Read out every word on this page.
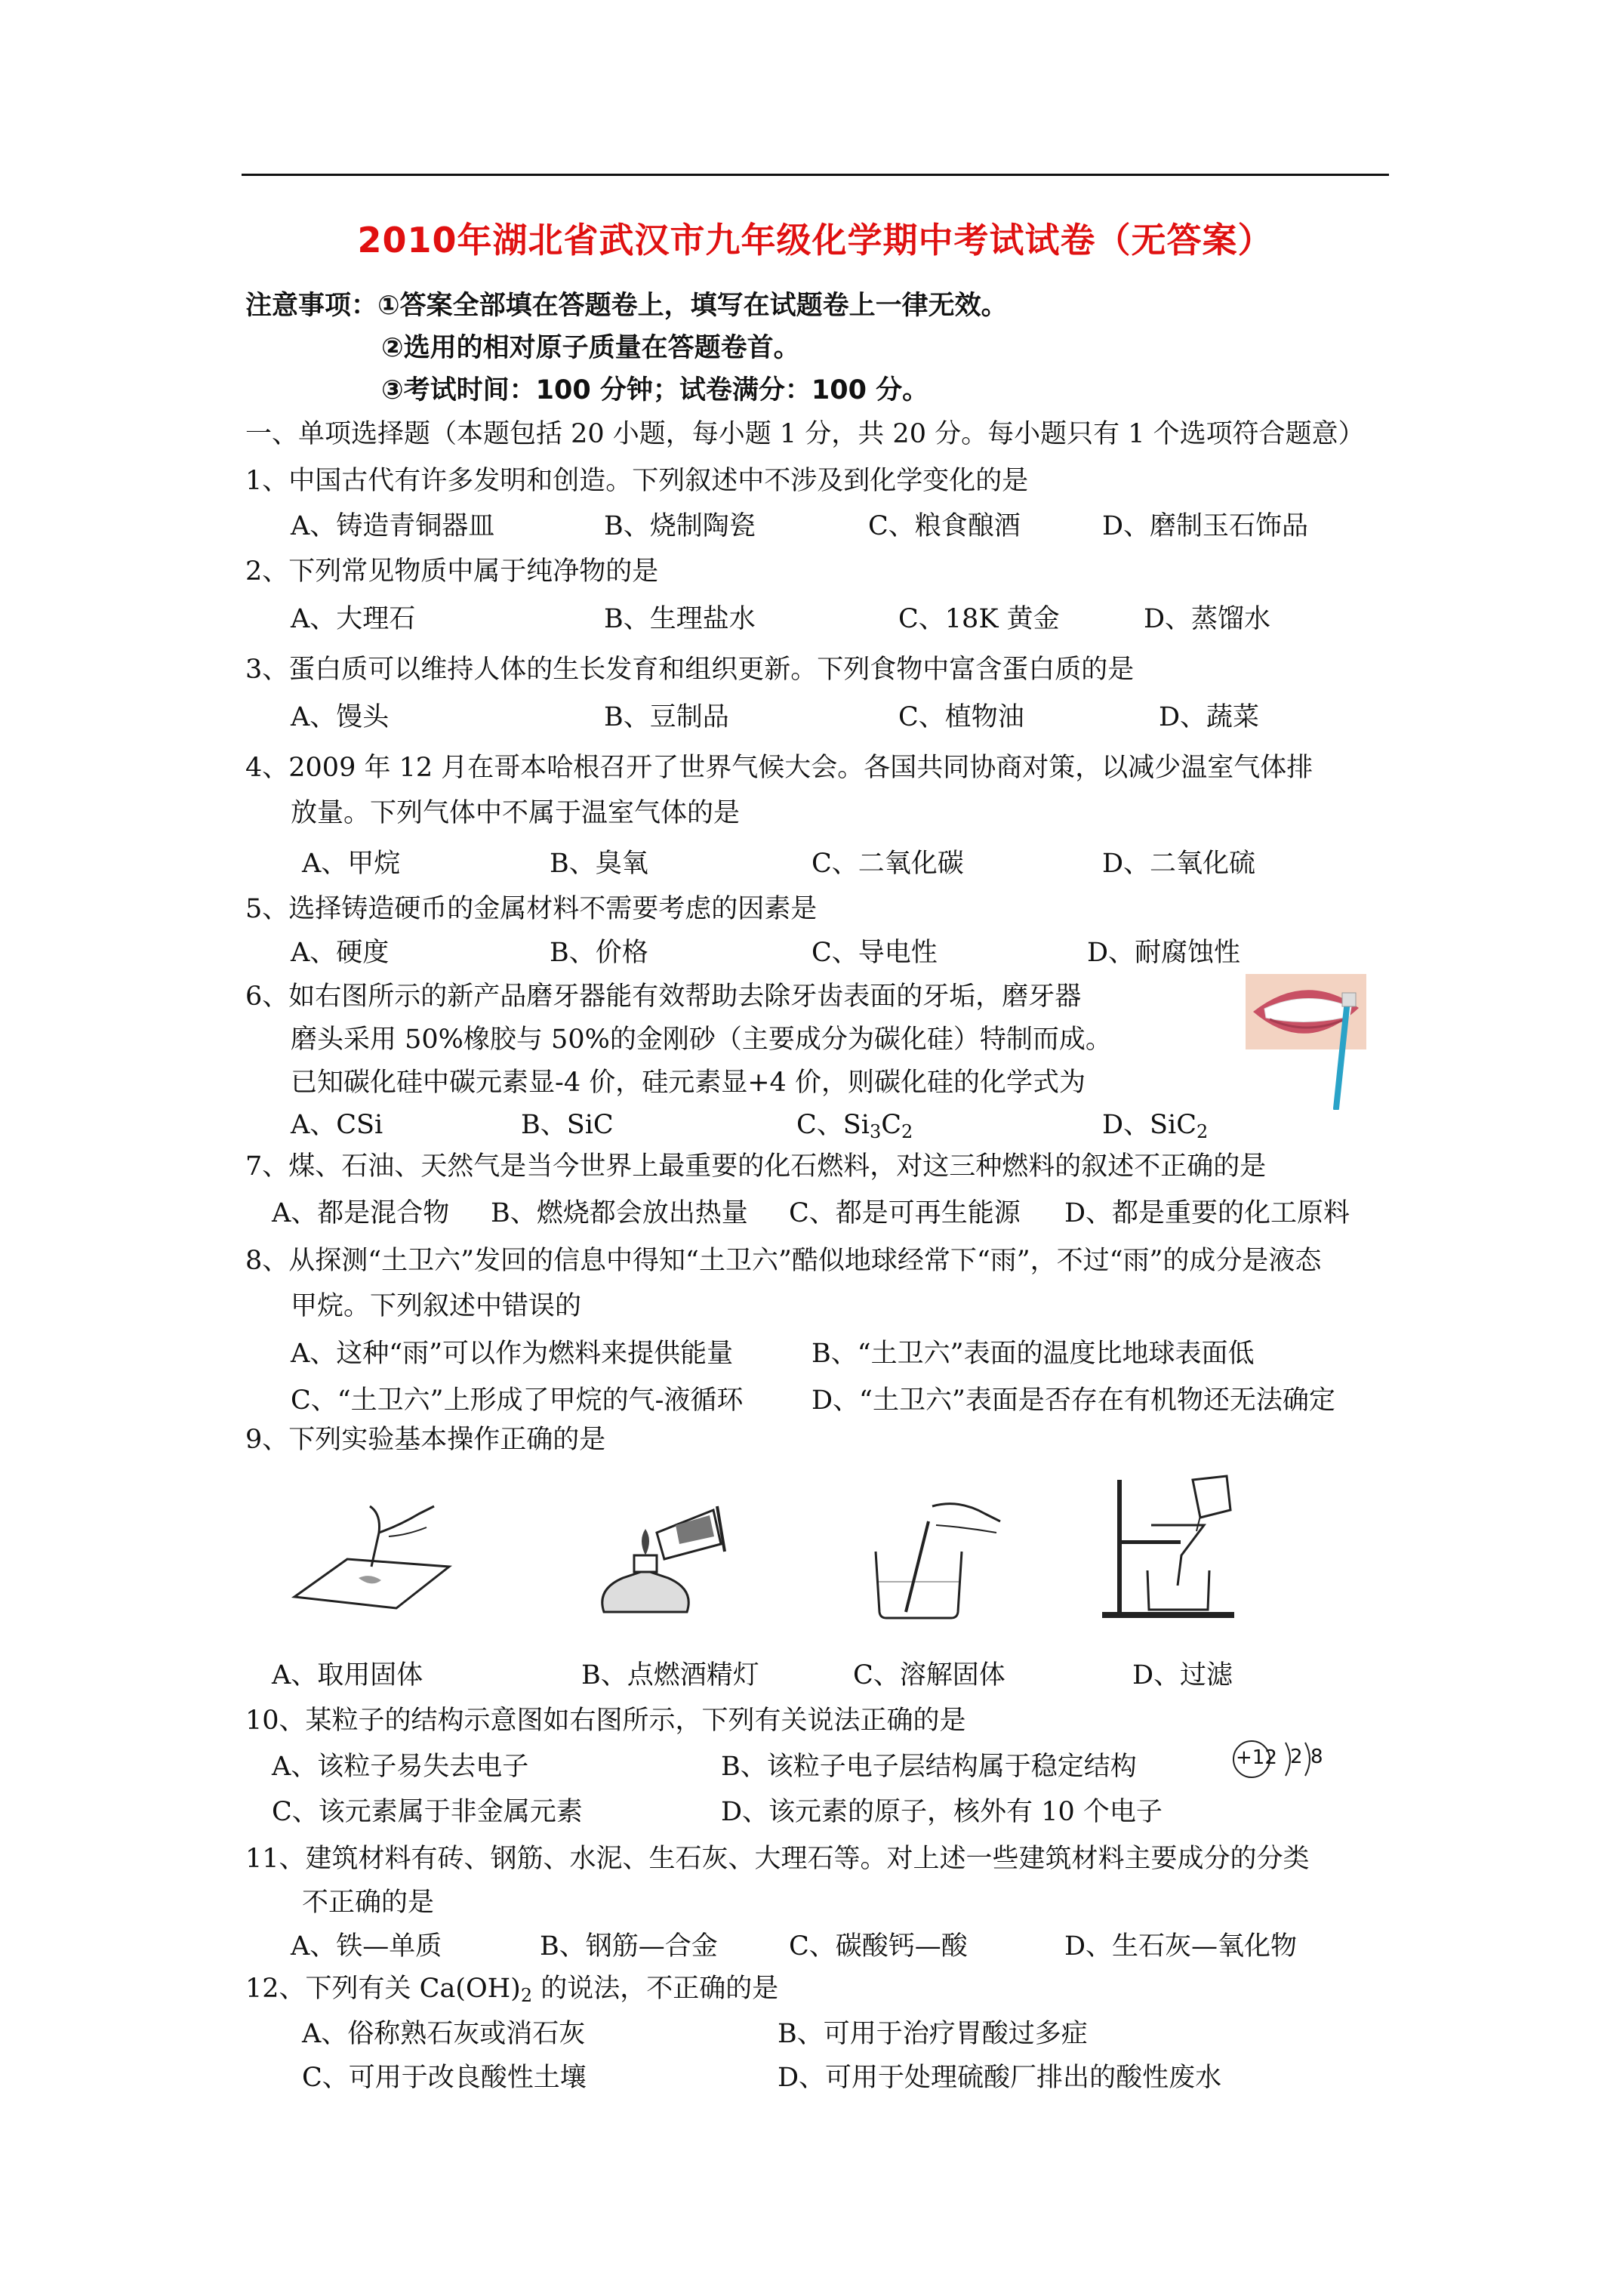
2010年湖北省武汉市九年级化学期中考试试卷（无答案）
注意事项：①答案全部填在答题卷上，填写在试题卷上一律无效。
②选用的相对原子质量在答题卷首。
③考试时间：100 分钟；试卷满分：100 分。
一、单项选择题（本题包括 20 小题，每小题 1 分，共 20 分。每小题只有 1 个选项符合题意）
1、中国古代有许多发明和创造。下列叙述中不涉及到化学变化的是
A、铸造青铜器皿	B、烧制陶瓷	C、粮食酿酒	D、磨制玉石饰品
2、下列常见物质中属于纯净物的是
A、大理石	B、生理盐水	C、18K 黄金	D、蒸馏水
3、蛋白质可以维持人体的生长发育和组织更新。下列食物中富含蛋白质的是
A、馒头	B、豆制品	C、植物油	D、蔬菜
4、2009 年 12 月在哥本哈根召开了世界气候大会。各国共同协商对策，以减少温室气体排
放量。下列气体中不属于温室气体的是
A、甲烷	B、臭氧	C、二氧化碳	D、二氧化硫
5、选择铸造硬币的金属材料不需要考虑的因素是
A、硬度	B、价格	C、导电性	D、耐腐蚀性
6、如右图所示的新产品磨牙器能有效帮助去除牙齿表面的牙垢，磨牙器
磨头采用 50%橡胶与 50%的金刚砂（主要成分为碳化硅）特制而成。
已知碳化硅中碳元素显-4 价，硅元素显+4 价，则碳化硅的化学式为
A、CSi	B、SiC	C、$Si_3C_2$	D、SiC$_2$
7、煤、石油、天然气是当今世界上最重要的化石燃料，对这三种燃料的叙述不正确的是
A、都是混合物 B、燃烧都会放出热量 C、都是可再生能源 D、都是重要的化工原料
8、从探测“土卫六”发回的信息中得知“土卫六”酷似地球经常下“雨”，不过“雨”的成分是液态
甲烷。下列叙述中错误的
A、这种“雨”可以作为燃料来提供能量	B、“土卫六”表面的温度比地球表面低
C、“土卫六”上形成了甲烷的气-液循环	D、“土卫六”表面是否存在有机物还无法确定
9、下列实验基本操作正确的是
A、取用固体	B、点燃酒精灯	C、溶解固体	D、过滤
10、某粒子的结构示意图如右图所示，下列有关说法正确的是
A、该粒子易失去电子	B、该粒子电子层结构属于稳定结构
C、该元素属于非金属元素	D、该元素的原子，核外有 10 个电子
+12 2 8
11、建筑材料有砖、钢筋、水泥、生石灰、大理石等。对上述一些建筑材料主要成分的分类
不正确的是
A、铁—单质	B、钢筋—合金	C、碳酸钙—酸	D、生石灰—氧化物
12、下列有关 $Ca(OH)_2$ 的说法，不正确的是
A、俗称熟石灰或消石灰	B、可用于治疗胃酸过多症
C、可用于改良酸性土壤	D、可用于处理硫酸厂排出的酸性废水
